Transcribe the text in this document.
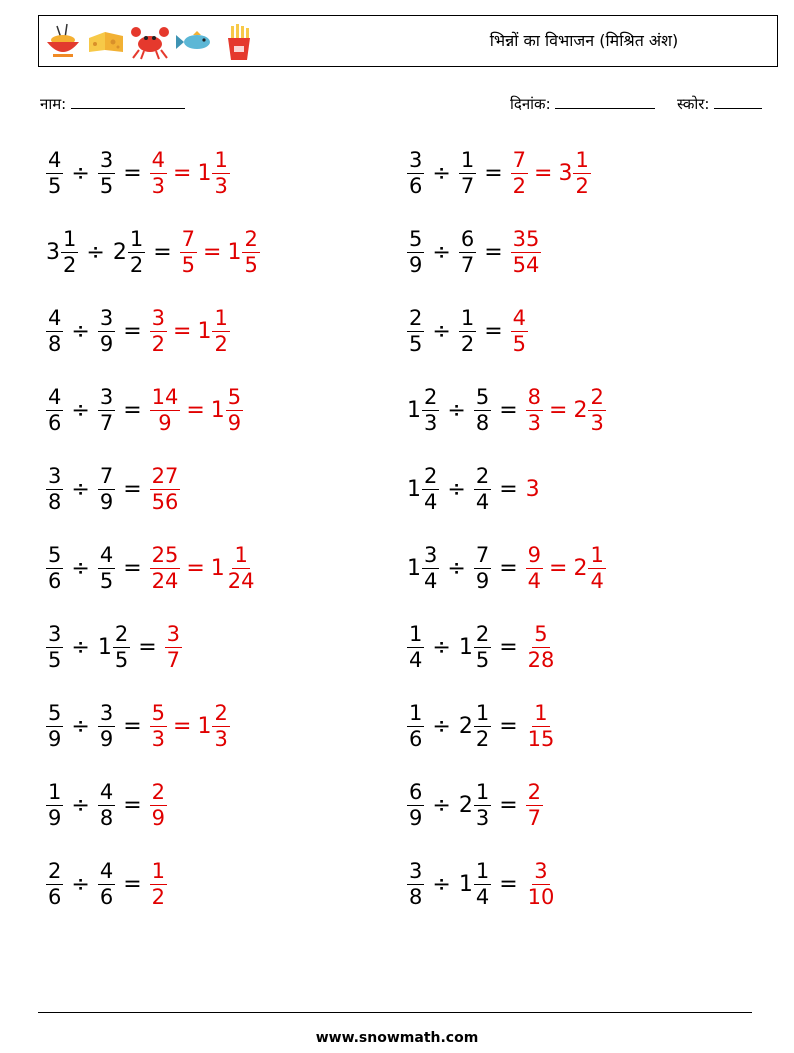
भिन्नों का विभाजन (मिश्रित अंश)
नाम:	दिनांक:	स्कोर:
$\frac{4}{5} \div \frac{3}{5} = \frac{4}{3} = 1 \frac{1}{3}$	$\frac{3}{6} \div \frac{1}{7} = \frac{7}{2} = 3 \frac{1}{2}$
$3 \frac{1}{2} \div 2 \frac{1}{2} = \frac{7}{5} = 1 \frac{2}{5}$	$\frac{5}{9} \div \frac{6}{7} = \frac{35}{54}$
$\frac{4}{8} \div \frac{3}{9} = \frac{3}{2} = 1 \frac{1}{2}$	$\frac{2}{5} \div \frac{1}{2} = \frac{4}{5}$
$\frac{4}{6} \div \frac{3}{7} = \frac{14}{9} = 1 \frac{5}{9}$	$1 \frac{2}{3} \div \frac{5}{8} = \frac{8}{3} = 2 \frac{2}{3}$
$\frac{3}{8} \div \frac{7}{9} = \frac{27}{56}$	$1 \frac{2}{4} \div \frac{2}{4} = 3$
$\frac{5}{6} \div \frac{4}{5} = \frac{25}{24} = 1 \frac{1}{24}$	$1 \frac{3}{4} \div \frac{7}{9} = \frac{9}{4} = 2 \frac{1}{4}$
$\frac{3}{5} \div 1 \frac{2}{5} = \frac{3}{7}$	$\frac{1}{4} \div 1 \frac{2}{5} = \frac{5}{28}$
$\frac{5}{9} \div \frac{3}{9} = \frac{5}{3} = 1 \frac{2}{3}$	$\frac{1}{6} \div 2 \frac{1}{2} = \frac{1}{15}$
$\frac{1}{9} \div \frac{4}{8} = \frac{2}{9}$	$\frac{6}{9} \div 2 \frac{1}{3} = \frac{2}{7}$
$\frac{2}{6} \div \frac{4}{6} = \frac{1}{2}$	$\frac{3}{8} \div 1 \frac{1}{4} = \frac{3}{10}$
www.snowmath.com
